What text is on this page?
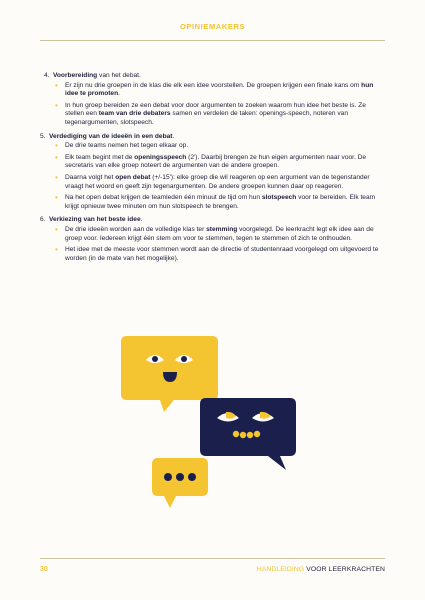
OPINIEMAKERS
4. Voorbereiding van het debat.
• Er zijn nu drie groepen in de klas die elk een idee voorstellen. De groepen krijgen een finale kans om hun idee te promoten.
• In hun groep bereiden ze een debat voor door argumenten te zoeken waarom hun idee het beste is. Ze stellen een team van drie debaters samen en verdelen de taken: openings-speech, noteren van tegenargumenten, slotspeech.
5. Verdediging van de ideeën in een debat.
• De drie teams nemen het tegen elkaar op.
• Elk team begint met de openingsspeech (2'). Daarbij brengen ze hun eigen argumenten naar voor. De secretaris van elke groep noteert de argumenten van de andere groepen.
• Daarna volgt het open debat (+/-15'): elke groep die wil reageren op een argument van de tegenstander vraagt het woord en geeft zijn tegenargumenten. De andere groepen kunnen daar op reageren.
• Na het open debat krijgen de teamleden één minuut de tijd om hun slotspeech voor te bereiden. Elk team krijgt opnieuw twee minuten om hun slotspeech te brengen.
6. Verkiezing van het beste idee.
• De drie ideeën worden aan de volledige klas ter stemming voorgelegd. De leerkracht legt elk idee aan de groep voor. Iedereen krijgt één stem om voor te stemmen, tegen te stemmen of zich te onthouden.
• Het idee met de meeste voor stemmen wordt aan de directie of studentenraad voorgelegd om uitgevoerd te worden (in de mate van het mogelijke).
30	HANDLEIDING VOOR LEERKRACHTEN
